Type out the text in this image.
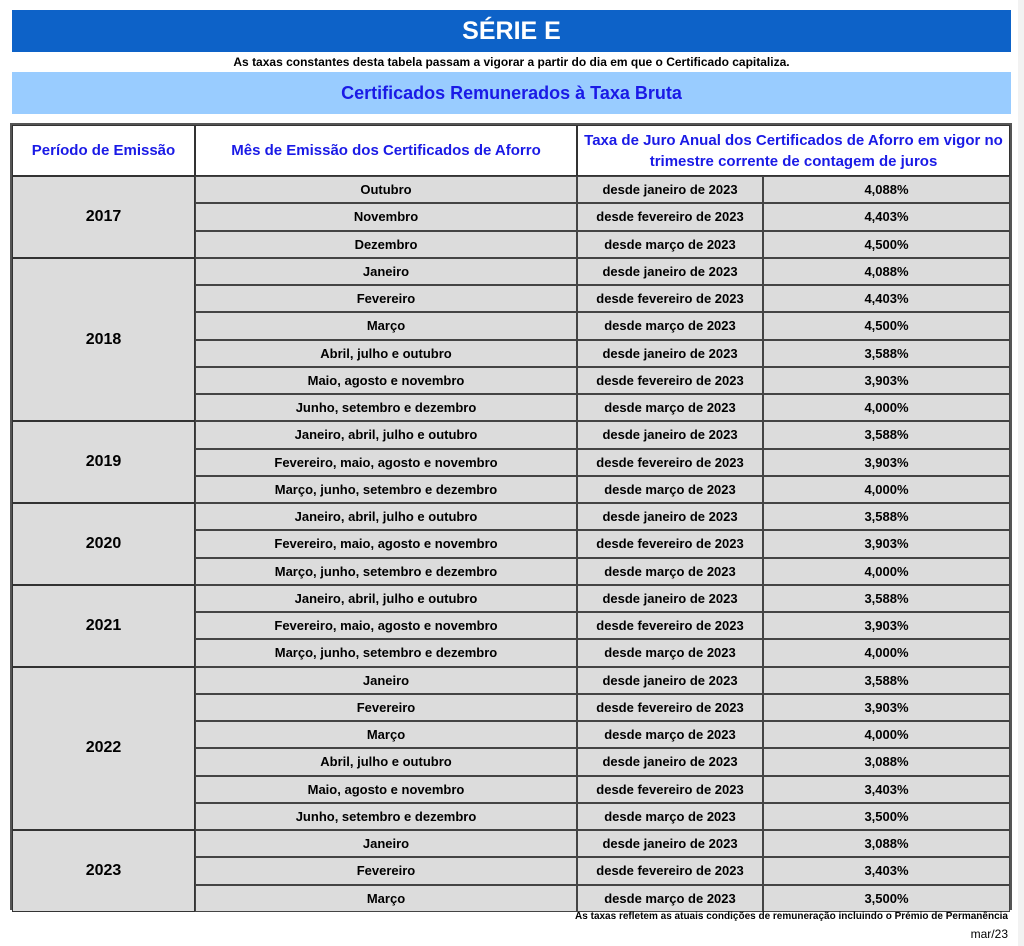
SÉRIE E
As taxas constantes desta tabela passam a vigorar a partir do dia em que o Certificado capitaliza.
Certificados Remunerados à Taxa Bruta
Período de Emissão	Mês de Emissão dos Certificados de Aforro
Taxa de Juro Anual dos Certificados de Aforro em vigor no trimestre corrente de contagem de juros
2017
Outubro	desde janeiro de 2023	4,088%
Novembro	desde fevereiro de 2023	4,403%
Dezembro	desde março de 2023	4,500%
2018
Janeiro	desde janeiro de 2023	4,088%
Fevereiro	desde fevereiro de 2023	4,403%
Março	desde março de 2023	4,500%
Abril, julho e outubro	desde janeiro de 2023	3,588%
Maio, agosto e novembro	desde fevereiro de 2023	3,903%
Junho, setembro e dezembro	desde março de 2023	4,000%
2019
Janeiro, abril, julho e outubro	desde janeiro de 2023	3,588%
Fevereiro, maio, agosto e novembro	desde fevereiro de 2023	3,903%
Março, junho, setembro e dezembro	desde março de 2023	4,000%
2020
Janeiro, abril, julho e outubro	desde janeiro de 2023	3,588%
Fevereiro, maio, agosto e novembro	desde fevereiro de 2023	3,903%
Março, junho, setembro e dezembro	desde março de 2023	4,000%
2021
Janeiro, abril, julho e outubro	desde janeiro de 2023	3,588%
Fevereiro, maio, agosto e novembro	desde fevereiro de 2023	3,903%
Março, junho, setembro e dezembro	desde março de 2023	4,000%
2022
Janeiro	desde janeiro de 2023	3,588%
Fevereiro	desde fevereiro de 2023	3,903%
Março	desde março de 2023	4,000%
Abril, julho e outubro	desde janeiro de 2023	3,088%
Maio, agosto e novembro	desde fevereiro de 2023	3,403%
Junho, setembro e dezembro	desde março de 2023	3,500%
2023
Janeiro	desde janeiro de 2023	3,088%
Fevereiro	desde fevereiro de 2023	3,403%
Março	desde março de 2023	3,500%
As taxas refletem as atuais condições de remuneração incluindo o Prémio de Permanência
mar/23
